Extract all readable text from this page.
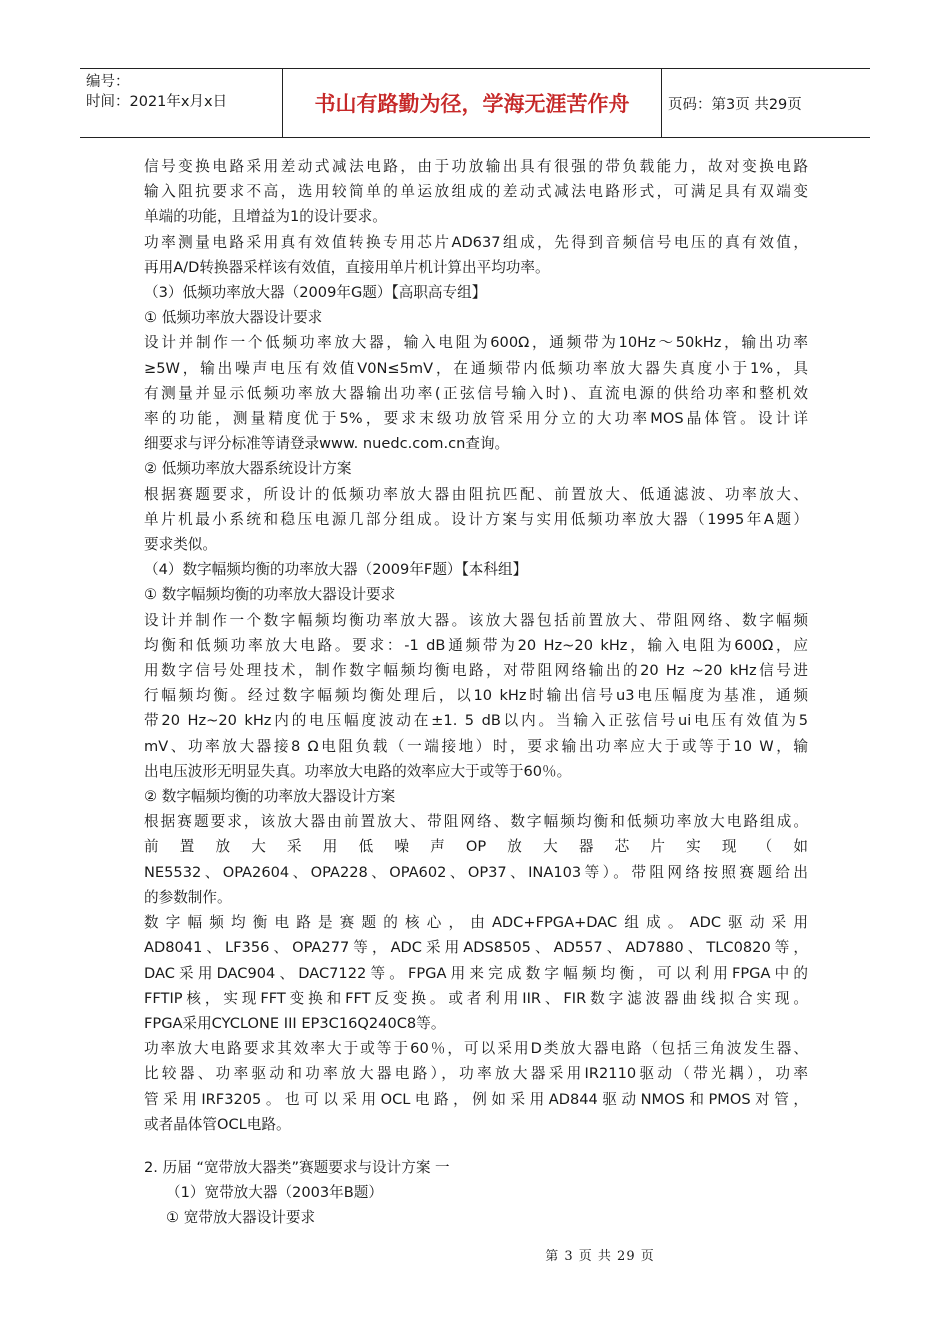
编号：
时间：2021年x月x日	书山有路勤为径，学海无涯苦作舟	页码：第3页 共29页

信号变换电路采用差动式减法电路，由于功放输出具有很强的带负载能力，故对变换电路

输入阻抗要求不高，选用较简单的单运放组成的差动式减法电路形式，可满足具有双端变

单端的功能，且增益为1的设计要求。

功率测量电路采用真有效值转换专用芯片AD637组成，先得到音频信号电压的真有效值，

再用A/D转换器采样该有效值，直接用单片机计算出平均功率。

（3）低频功率放大器（2009年G题）【高职高专组】

① 低频功率放大器设计要求

设计并制作一个低频功率放大器，输入电阻为600Ω，通频带为10Hz～50kHz，输出功率

≥5W，输出噪声电压有效值V0N≤5mV，在通频带内低频功率放大器失真度小于1%，具

有测量并显示低频功率放大器输出功率(正弦信号输入时)、直流电源的供给功率和整机效

率的功能，测量精度优于5%，要求末级功放管采用分立的大功率MOS晶体管。设计详

细要求与评分标准等请登录www. nuedc.com.cn查询。

② 低频功率放大器系统设计方案

根据赛题要求，所设计的低频功率放大器由阻抗匹配、前置放大、低通滤波、功率放大、

单片机最小系统和稳压电源几部分组成。设计方案与实用低频功率放大器（1995年A题）

要求类似。

（4）数字幅频均衡的功率放大器（2009年F题）【本科组】

① 数字幅频均衡的功率放大器设计要求

设计并制作一个数字幅频均衡功率放大器。该放大器包括前置放大、带阻网络、数字幅频

均衡和低频功率放大电路。要求：-1 dB通频带为20 Hz~20 kHz，输入电阻为600Ω，应

用数字信号处理技术，制作数字幅频均衡电路，对带阻网络输出的20 Hz ~20 kHz信号进

行幅频均衡。经过数字幅频均衡处理后，以10 kHz时输出信号u3电压幅度为基准，通频

带20 Hz~20 kHz内的电压幅度波动在±1. 5 dB以内。当输入正弦信号ui电压有效值为5

mV、功率放大器接8 Ω电阻负载（一端接地）时，要求输出功率应大于或等于10 W，输

出电压波形无明显失真。功率放大电路的效率应大于或等于60％。

② 数字幅频均衡的功率放大器设计方案

根据赛题要求，该放大器由前置放大、带阻网络、数字幅频均衡和低频功率放大电路组成。

前置放大采用低噪声OP放大器芯片实现（如

NE5532、OPA2604、OPA228、OPA602、OP37、INA103等）。带阻网络按照赛题给出

的参数制作。

数字幅频均衡电路是赛题的核心，由ADC+FPGA+DAC组成。ADC驱动采用

AD8041、LF356、OPA277等，ADC采用ADS8505、AD557、AD7880、TLC0820等，

DAC采用DAC904、DAC7122等。FPGA用来完成数字幅频均衡，可以利用FPGA中的

FFTIP核，实现FFT变换和FFT反变换。或者利用IIR、FIR数字滤波器曲线拟合实现。

FPGA采用CYCLONE III EP3C16Q240C8等。

功率放大电路要求其效率大于或等于60％，可以采用D类放大器电路（包括三角波发生器、

比较器、功率驱动和功率放大器电路），功率放大器采用IR2110驱动（带光耦），功率

管采用IRF3205。也可以采用OCL电路，例如采用AD844驱动NMOS和PMOS对管，

或者晶体管OCL电路。

2. 历届 “宽带放大器类”赛题要求与设计方案 一

（1）宽带放大器（2003年B题）

① 宽带放大器设计要求

第 3 页 共 29 页
